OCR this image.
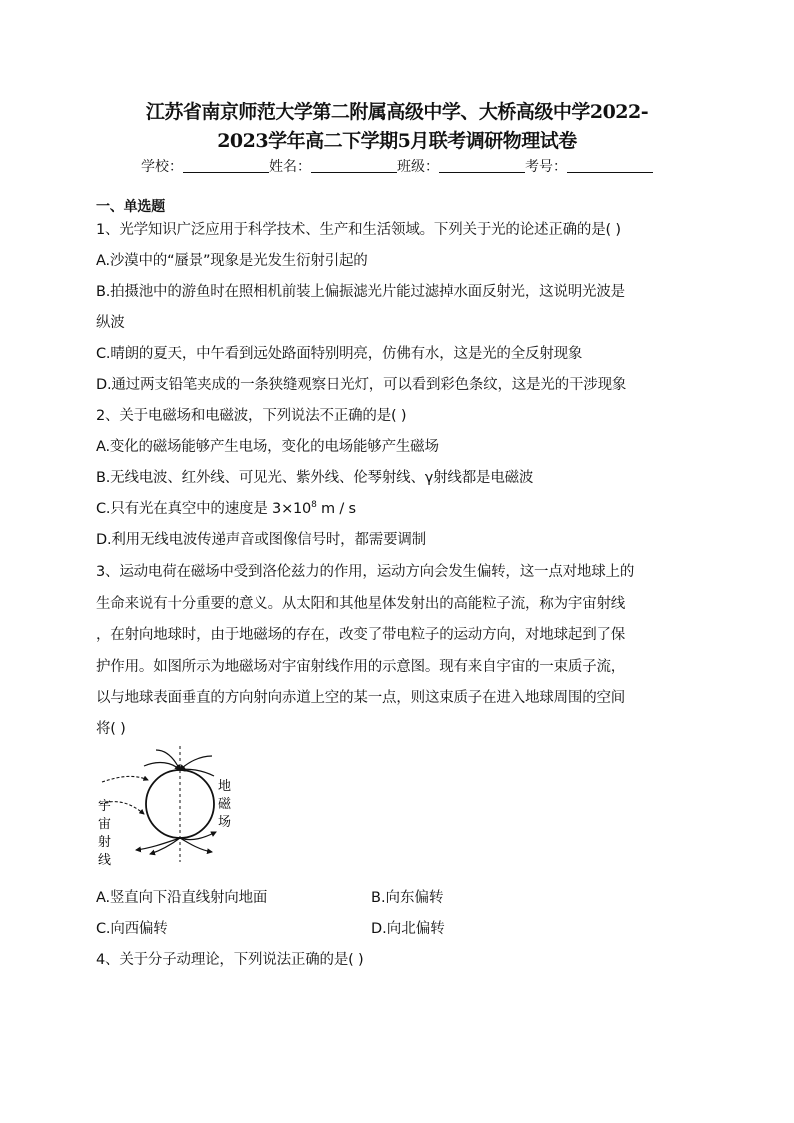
江苏省南京师范大学第二附属高级中学、大桥高级中学2022-
2023学年高二下学期5月联考调研物理试卷
学校：	姓名：	班级：	考号：
一、单选题
1、光学知识广泛应用于科学技术、生产和生活领域。下列关于光的论述正确的是( )
A.沙漠中的“蜃景”现象是光发生衍射引起的
B.拍摄池中的游鱼时在照相机前装上偏振滤光片能过滤掉水面反射光，这说明光波是
纵波
C.晴朗的夏天，中午看到远处路面特别明亮，仿佛有水，这是光的全反射现象
D.通过两支铅笔夹成的一条狭缝观察日光灯，可以看到彩色条纹，这是光的干涉现象
2、关于电磁场和电磁波，下列说法不正确的是( )
A.变化的磁场能够产生电场，变化的电场能够产生磁场
B.无线电波、红外线、可见光、紫外线、伦琴射线、γ射线都是电磁波
C.只有光在真空中的速度是 $3\times 10^8$ m / s
D.利用无线电波传递声音或图像信号时，都需要调制
3、运动电荷在磁场中受到洛伦兹力的作用，运动方向会发生偏转，这一点对地球上的
生命来说有十分重要的意义。从太阳和其他星体发射出的高能粒子流，称为宇宙射线
，在射向地球时，由于地磁场的存在，改变了带电粒子的运动方向，对地球起到了保
护作用。如图所示为地磁场对宇宙射线作用的示意图。现有来自宇宙的一束质子流，
以与地球表面垂直的方向射向赤道上空的某一点，则这束质子在进入地球周围的空间
将( )
宇
宙
射
线
地
磁
场
A.竖直向下沿直线射向地面	B.向东偏转
C.向西偏转	D.向北偏转
4、关于分子动理论，下列说法正确的是( )
